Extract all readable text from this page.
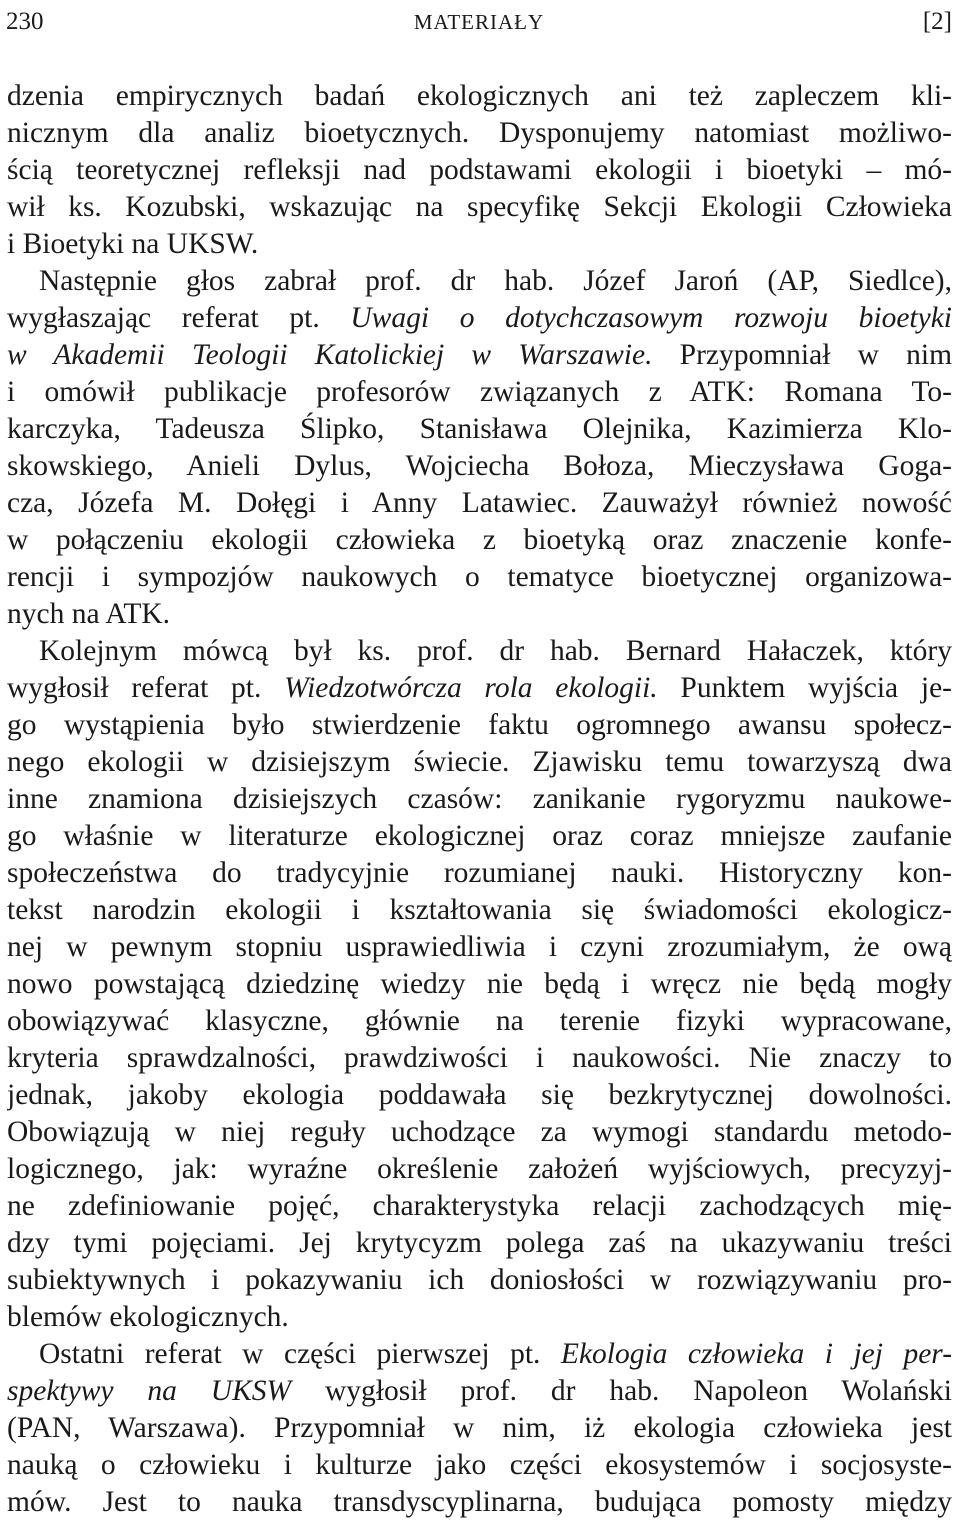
230	MATERIAŁY	[2]
dzenia empirycznych badań ekologicznych ani też zapleczem kli-
nicznym dla analiz bioetycznych. Dysponujemy natomiast możliwo-
ścią teoretycznej refleksji nad podstawami ekologii i bioetyki – mó-
wił ks. Kozubski, wskazując na specyfikę Sekcji Ekologii Człowieka
i Bioetyki na UKSW.
Następnie głos zabrał prof. dr hab. Józef Jaroń (AP, Siedlce),
wygłaszając referat pt. Uwagi o dotychczasowym rozwoju bioetyki
w Akademii Teologii Katolickiej w Warszawie. Przypomniał w nim
i omówił publikacje profesorów związanych z ATK: Romana To-
karczyka, Tadeusza Ślipko, Stanisława Olejnika, Kazimierza Klo-
skowskiego, Anieli Dylus, Wojciecha Bołoza, Mieczysława Goga-
cza, Józefa M. Dołęgi i Anny Latawiec. Zauważył również nowość
w połączeniu ekologii człowieka z bioetyką oraz znaczenie konfe-
rencji i sympozjów naukowych o tematyce bioetycznej organizowa-
nych na ATK.
Kolejnym mówcą był ks. prof. dr hab. Bernard Hałaczek, który
wygłosił referat pt. Wiedzotwórcza rola ekologii. Punktem wyjścia je-
go wystąpienia było stwierdzenie faktu ogromnego awansu społecz-
nego ekologii w dzisiejszym świecie. Zjawisku temu towarzyszą dwa
inne znamiona dzisiejszych czasów: zanikanie rygoryzmu naukowe-
go właśnie w literaturze ekologicznej oraz coraz mniejsze zaufanie
społeczeństwa do tradycyjnie rozumianej nauki. Historyczny kon-
tekst narodzin ekologii i kształtowania się świadomości ekologicz-
nej w pewnym stopniu usprawiedliwia i czyni zrozumiałym, że ową
nowo powstającą dziedzinę wiedzy nie będą i wręcz nie będą mogły
obowiązywać klasyczne, głównie na terenie fizyki wypracowane,
kryteria sprawdzalności, prawdziwości i naukowości. Nie znaczy to
jednak, jakoby ekologia poddawała się bezkrytycznej dowolności.
Obowiązują w niej reguły uchodzące za wymogi standardu metodo-
logicznego, jak: wyraźne określenie założeń wyjściowych, precyzyj-
ne zdefiniowanie pojęć, charakterystyka relacji zachodzących mię-
dzy tymi pojęciami. Jej krytycyzm polega zaś na ukazywaniu treści
subiektywnych i pokazywaniu ich doniosłości w rozwiązywaniu pro-
blemów ekologicznych.
Ostatni referat w części pierwszej pt. Ekologia człowieka i jej per-
spektywy na UKSW wygłosił prof. dr hab. Napoleon Wolański
(PAN, Warszawa). Przypomniał w nim, iż ekologia człowieka jest
nauką o człowieku i kulturze jako części ekosystemów i socjosyste-
mów. Jest to nauka transdyscyplinarna, budująca pomosty między
